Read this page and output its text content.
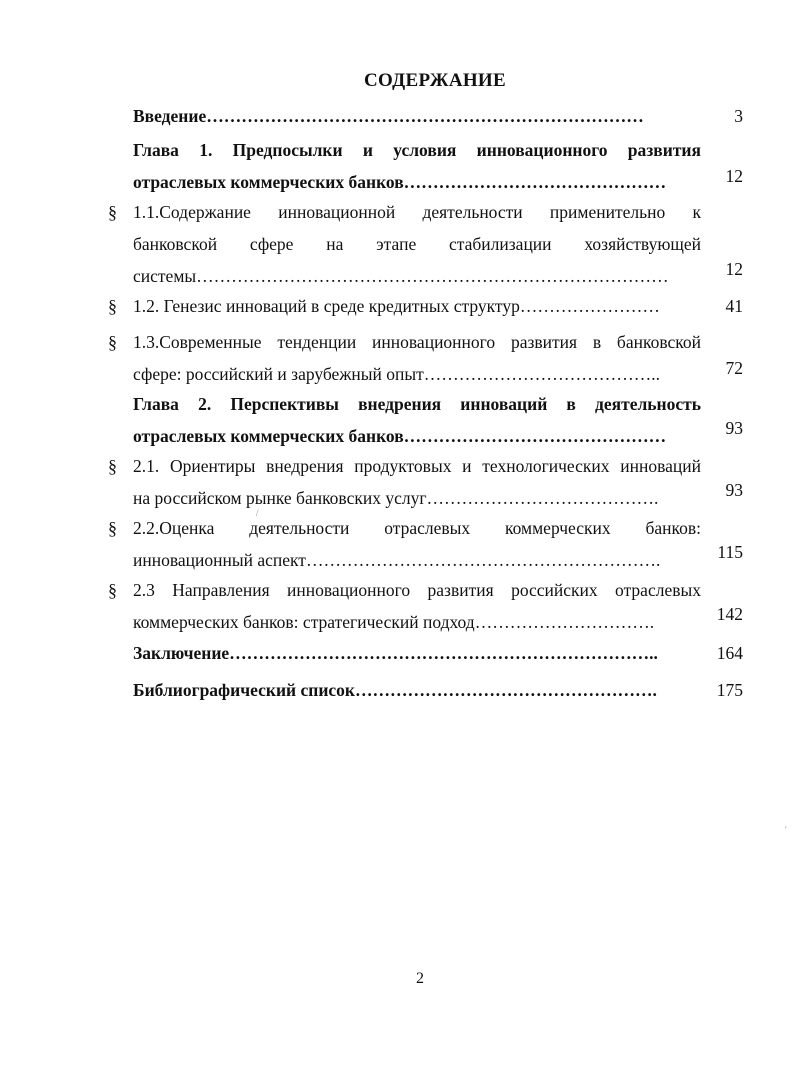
СОДЕРЖАНИЕ
Введение…………………………………………………………………	3
Глава 1. Предпосылки и условия инновационного развития
отраслевых коммерческих банков………………………………………	12
§ 1.1.Содержание инновационной деятельности применительно к
банковской сфере на этапе стабилизации хозяйствующей
системы………………………………………………………………………	12
§ 1.2. Генезис инноваций в среде кредитных структур……………………	41
§ 1.3.Современные тенденции инновационного развития в банковской
сфере: российский и зарубежный опыт…………………………………..	72
Глава 2. Перспективы внедрения инноваций в деятельность
отраслевых коммерческих банков………………………………………	93
§ 2.1. Ориентиры внедрения продуктовых и технологических инноваций
на российском рынке банковских услуг………………………………….	93
§ 2.2.Оценка деятельности отраслевых коммерческих банков:
инновационный аспект…………………………………………………….	115
§ 2.3 Направления инновационного развития российских отраслевых
коммерческих банков: стратегический подход………………………….	142
Заключение………………………………………………………………..	164
Библиографический список…………………………………………….	175
/
'
2
